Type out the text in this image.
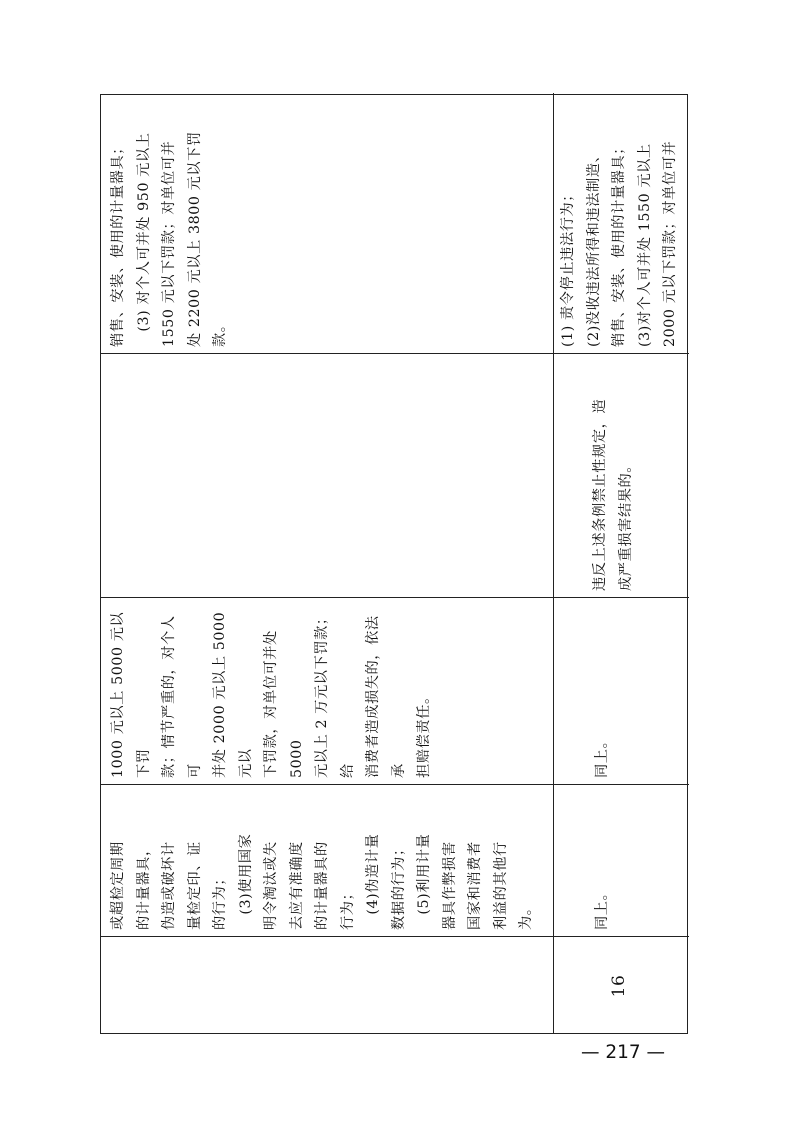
或超检定周期
的计量器具，
伪造或破坏计
量检定印、证
的行为；
(3)使用国家
明令淘汰或失
去应有准确度
的计量器具的
行为；
(4)伪造计量
数据的行为；
(5)利用计量
器具作弊损害
国家和消费者
利益的其他行
为。
1000 元以上 5000 元以下罚
款；情节严重的，对个人可
并处 2000 元以上 5000 元以
下罚款，对单位可并处 5000
元以上 2 万元以下罚款；给
消费者造成损失的，依法承
担赔偿责任。
销售、安装、使用的计量器具；
(3) 对个人可并处 950 元以上
1550 元以下罚款；对单位可并
处 2200 元以上 3800 元以下罚
款。
16
同上。
同上。
违反上述条例禁止性规定，造
成严重损害结果的。
(1) 责令停止违法行为；
(2)没收违法所得和违法制造、
销售、安装、使用的计量器具；
(3)对个人可并处 1550 元以上
2000 元以下罚款；对单位可并
— 217 —
